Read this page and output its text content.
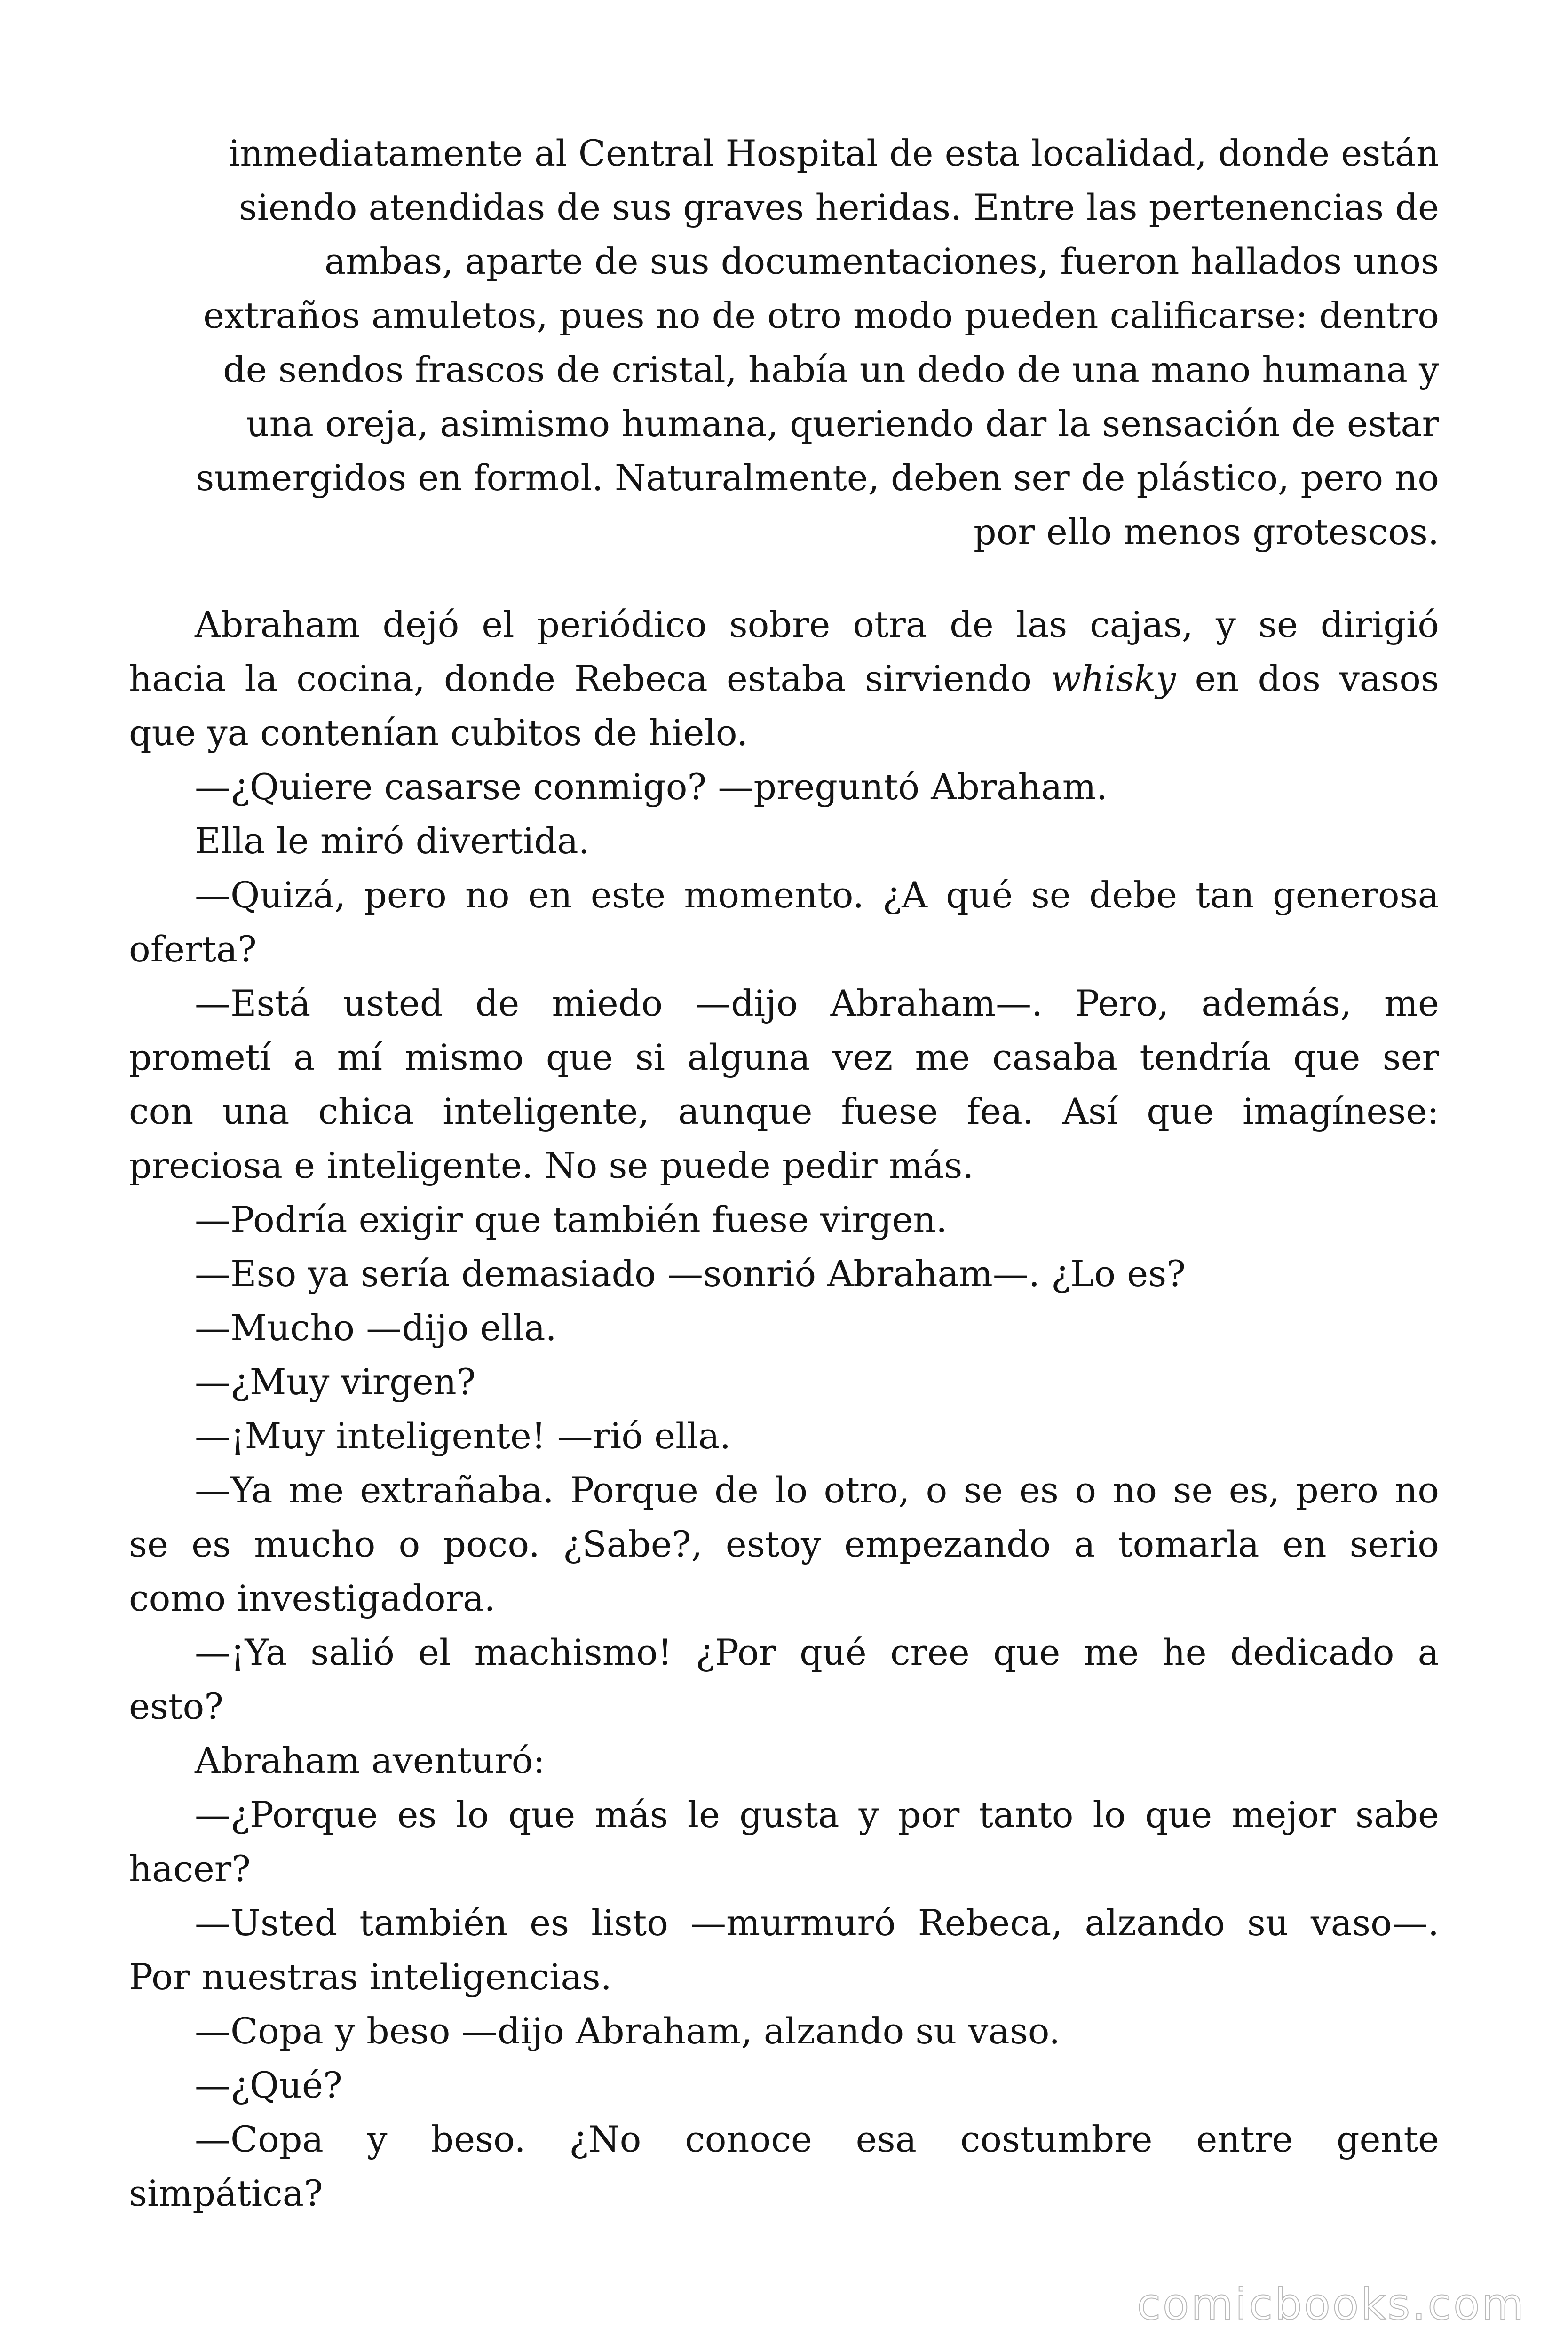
inmediatamente al Central Hospital de esta localidad, donde están
siendo atendidas de sus graves heridas. Entre las pertenencias de
ambas, aparte de sus documentaciones, fueron hallados unos
extraños amuletos, pues no de otro modo pueden calificarse: dentro
de sendos frascos de cristal, había un dedo de una mano humana y
una oreja, asimismo humana, queriendo dar la sensación de estar
sumergidos en formol. Naturalmente, deben ser de plástico, pero no
por ello menos grotescos.
Abraham dejó el periódico sobre otra de las cajas, y se dirigió
hacia la cocina, donde Rebeca estaba sirviendo whisky en dos vasos
que ya contenían cubitos de hielo.
—¿Quiere casarse conmigo? —preguntó Abraham.
Ella le miró divertida.
—Quizá, pero no en este momento. ¿A qué se debe tan generosa
oferta?
—Está usted de miedo —dijo Abraham—. Pero, además, me
prometí a mí mismo que si alguna vez me casaba tendría que ser
con una chica inteligente, aunque fuese fea. Así que imagínese:
preciosa e inteligente. No se puede pedir más.
—Podría exigir que también fuese virgen.
—Eso ya sería demasiado —sonrió Abraham—. ¿Lo es?
—Mucho —dijo ella.
—¿Muy virgen?
—¡Muy inteligente! —rió ella.
—Ya me extrañaba. Porque de lo otro, o se es o no se es, pero no
se es mucho o poco. ¿Sabe?, estoy empezando a tomarla en serio
como investigadora.
—¡Ya salió el machismo! ¿Por qué cree que me he dedicado a
esto?
Abraham aventuró:
—¿Porque es lo que más le gusta y por tanto lo que mejor sabe
hacer?
—Usted también es listo —murmuró Rebeca, alzando su vaso—.
Por nuestras inteligencias.
—Copa y beso —dijo Abraham, alzando su vaso.
—¿Qué?
—Copa y beso. ¿No conoce esa costumbre entre gente
simpática?
comicbooks.com
